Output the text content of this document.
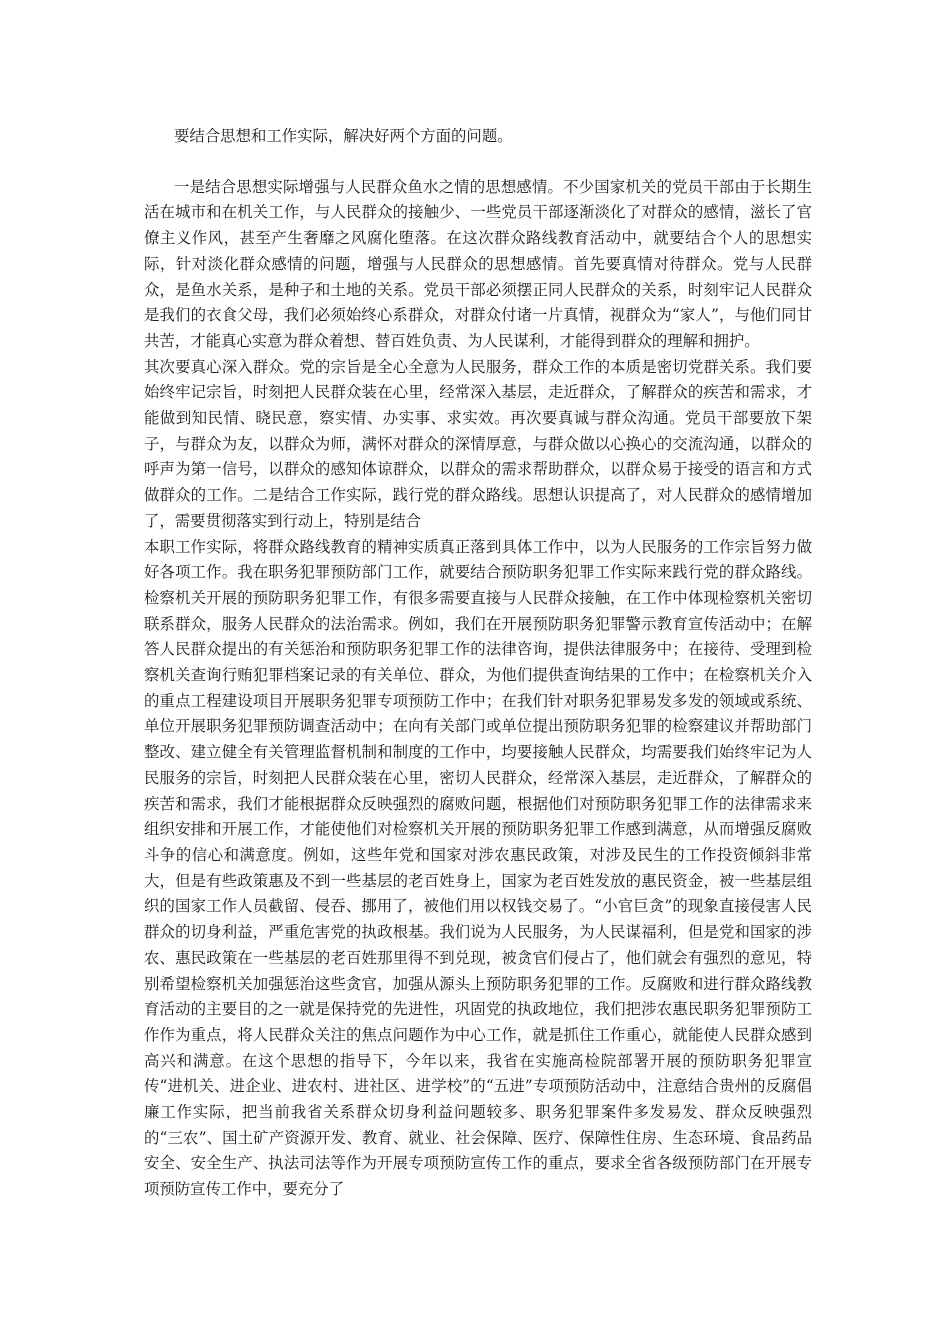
要结合思想和工作实际，解决好两个方面的问题。

一是结合思想实际增强与人民群众鱼水之情的思想感情。不少国家机关的党员干部由于长期生活在城市和在机关工作，与人民群众的接触少、一些党员干部逐渐淡化了对群众的感情，滋长了官僚主义作风，甚至产生奢靡之风腐化堕落。在这次群众路线教育活动中，就要结合个人的思想实际，针对淡化群众感情的问题，增强与人民群众的思想感情。首先要真情对待群众。党与人民群众，是鱼水关系，是种子和土地的关系。党员干部必须摆正同人民群众的关系，时刻牢记人民群众是我们的衣食父母，我们必须始终心系群众，对群众付诸一片真情，视群众为“家人”，与他们同甘共苦，才能真心实意为群众着想、替百姓负责、为人民谋利，才能得到群众的理解和拥护。

其次要真心深入群众。党的宗旨是全心全意为人民服务，群众工作的本质是密切党群关系。我们要始终牢记宗旨，时刻把人民群众装在心里，经常深入基层，走近群众，了解群众的疾苦和需求，才能做到知民情、晓民意，察实情、办实事、求实效。再次要真诚与群众沟通。党员干部要放下架子，与群众为友，以群众为师，满怀对群众的深情厚意，与群众做以心换心的交流沟通，以群众的呼声为第一信号，以群众的感知体谅群众，以群众的需求帮助群众，以群众易于接受的语言和方式做群众的工作。二是结合工作实际，践行党的群众路线。思想认识提高了，对人民群众的感情增加了，需要贯彻落实到行动上，特别是结合

本职工作实际，将群众路线教育的精神实质真正落到具体工作中，以为人民服务的工作宗旨努力做好各项工作。我在职务犯罪预防部门工作，就要结合预防职务犯罪工作实际来践行党的群众路线。检察机关开展的预防职务犯罪工作，有很多需要直接与人民群众接触，在工作中体现检察机关密切联系群众，服务人民群众的法治需求。例如，我们在开展预防职务犯罪警示教育宣传活动中；在解答人民群众提出的有关惩治和预防职务犯罪工作的法律咨询，提供法律服务中；在接待、受理到检察机关查询行贿犯罪档案记录的有关单位、群众，为他们提供查询结果的工作中；在检察机关介入的重点工程建设项目开展职务犯罪专项预防工作中；在我们针对职务犯罪易发多发的领域或系统、单位开展职务犯罪预防调查活动中；在向有关部门或单位提出预防职务犯罪的检察建议并帮助部门整改、建立健全有关管理监督机制和制度的工作中，均要接触人民群众，均需要我们始终牢记为人民服务的宗旨，时刻把人民群众装在心里，密切人民群众，经常深入基层，走近群众，了解群众的疾苦和需求，我们才能根据群众反映强烈的腐败问题，根据他们对预防职务犯罪工作的法律需求来组织安排和开展工作，才能使他们对检察机关开展的预防职务犯罪工作感到满意，从而增强反腐败斗争的信心和满意度。例如，这些年党和国家对涉农惠民政策，对涉及民生的工作投资倾斜非常大，但是有些政策惠及不到一些基层的老百姓身上，国家为老百姓发放的惠民资金，被一些基层组织的国家工作人员截留、侵吞、挪用了，被他们用以权钱交易了。“小官巨贪”的现象直接侵害人民群众的切身利益，严重危害党的执政根基。我们说为人民服务，为人民谋福利，但是党和国家的涉农、惠民政策在一些基层的老百姓那里得不到兑现，被贪官们侵占了，他们就会有强烈的意见，特别希望检察机关加强惩治这些贪官，加强从源头上预防职务犯罪的工作。反腐败和进行群众路线教育活动的主要目的之一就是保持党的先进性，巩固党的执政地位，我们把涉农惠民职务犯罪预防工作作为重点，将人民群众关注的焦点问题作为中心工作，就是抓住工作重心，就能使人民群众感到高兴和满意。在这个思想的指导下，今年以来，我省在实施高检院部署开展的预防职务犯罪宣传“进机关、进企业、进农村、进社区、进学校”的“五进”专项预防活动中，注意结合贵州的反腐倡廉工作实际，把当前我省关系群众切身利益问题较多、职务犯罪案件多发易发、群众反映强烈的“三农”、国土矿产资源开发、教育、就业、社会保障、医疗、保障性住房、生态环境、食品药品安全、安全生产、执法司法等作为开展专项预防宣传工作的重点，要求全省各级预防部门在开展专项预防宣传工作中，要充分了
